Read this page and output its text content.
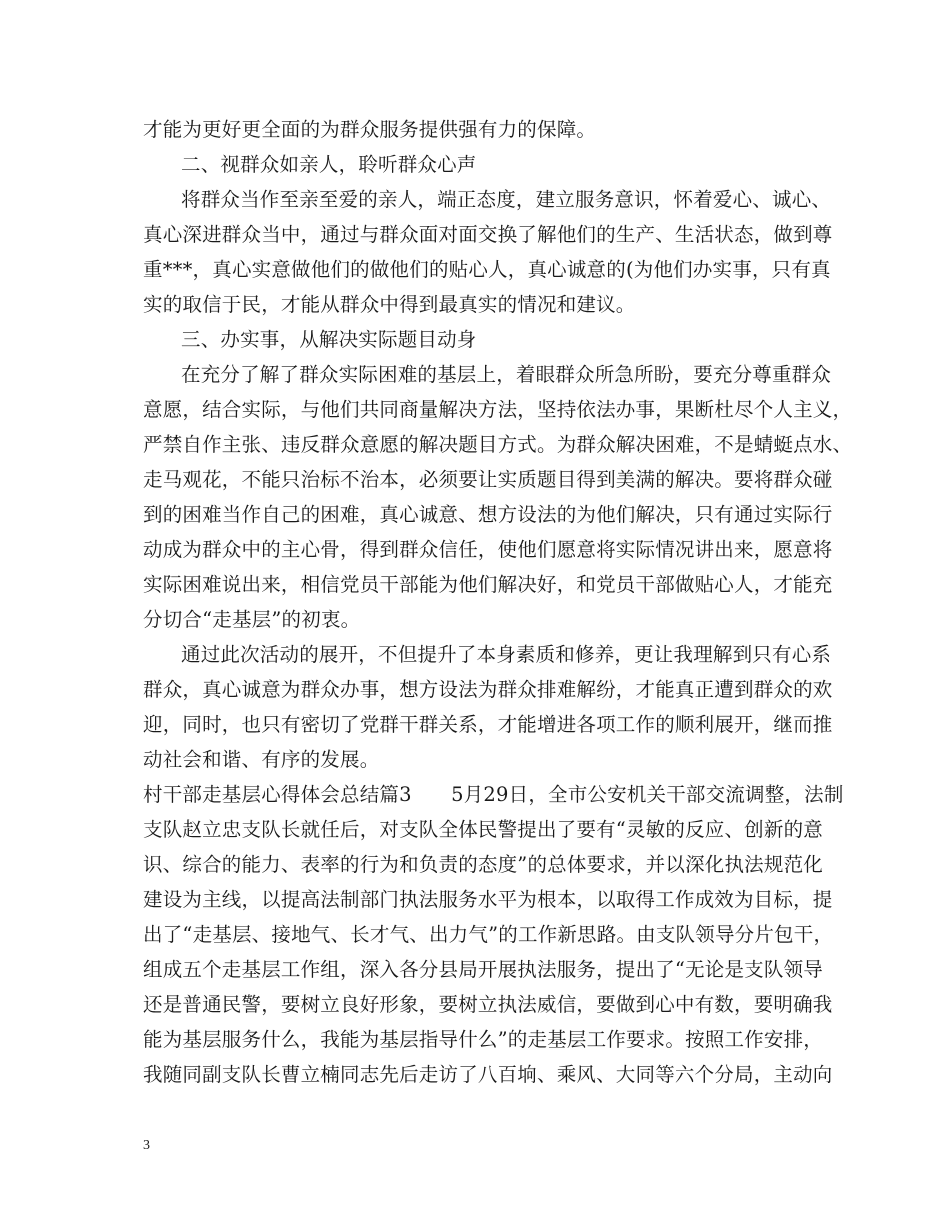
才能为更好更全面的为群众服务提供强有力的保障。
二、视群众如亲人，聆听群众心声
将群众当作至亲至爱的亲人，端正态度，建立服务意识，怀着爱心、诚心、
真心深进群众当中，通过与群众面对面交换了解他们的生产、生活状态，做到尊
重***，真心实意做他们的做他们的贴心人，真心诚意的(为他们办实事，只有真
实的取信于民，才能从群众中得到最真实的情况和建议。
三、办实事，从解决实际题目动身
在充分了解了群众实际困难的基层上，着眼群众所急所盼，要充分尊重群众
意愿，结合实际，与他们共同商量解决方法，坚持依法办事，果断杜尽个人主义，
严禁自作主张、违反群众意愿的解决题目方式。为群众解决困难，不是蜻蜓点水、
走马观花，不能只治标不治本，必须要让实质题目得到美满的解决。要将群众碰
到的困难当作自己的困难，真心诚意、想方设法的为他们解决，只有通过实际行
动成为群众中的主心骨，得到群众信任，使他们愿意将实际情况讲出来，愿意将
实际困难说出来，相信党员干部能为他们解决好，和党员干部做贴心人，才能充
分切合“走基层”的初衷。
通过此次活动的展开，不但提升了本身素质和修养，更让我理解到只有心系
群众，真心诚意为群众办事，想方设法为群众排难解纷，才能真正遭到群众的欢
迎，同时，也只有密切了党群干群关系，才能增进各项工作的顺利展开，继而推
动社会和谐、有序的发展。
村干部走基层心得体会总结篇3　　5月29日，全市公安机关干部交流调整，法制
支队赵立忠支队长就任后，对支队全体民警提出了要有“灵敏的反应、创新的意
识、综合的能力、表率的行为和负责的态度”的总体要求，并以深化执法规范化
建设为主线，以提高法制部门执法服务水平为根本，以取得工作成效为目标，提
出了“走基层、接地气、长才气、出力气”的工作新思路。由支队领导分片包干，
组成五个走基层工作组，深入各分县局开展执法服务，提出了“无论是支队领导
还是普通民警，要树立良好形象，要树立执法威信，要做到心中有数，要明确我
能为基层服务什么，我能为基层指导什么”的走基层工作要求。按照工作安排，
我随同副支队长曹立楠同志先后走访了八百垧、乘风、大同等六个分局，主动向
3
